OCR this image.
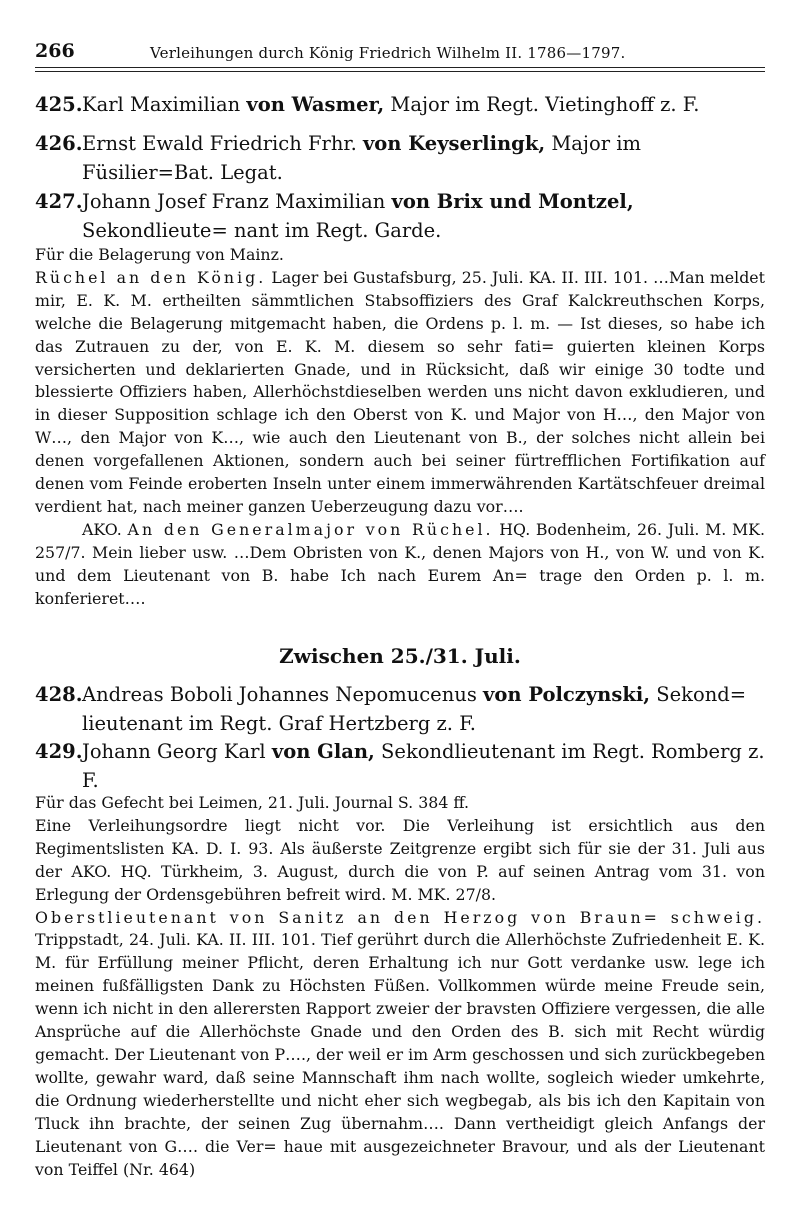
266	Verleihungen durch König Friedrich Wilhelm II. 1786—1797.
425. Karl Maximilian von Wasmer, Major im Regt. Vietinghoff z. F.
426. Ernst Ewald Friedrich Frhr. von Keyserlingk, Major im Füsilier=Bat. Legat.
427. Johann Josef Franz Maximilian von Brix und Montzel, Sekondlieute= nant im Regt. Garde.

Für die Belagerung von Mainz.

Rüchel an den König. Lager bei Gustafsburg, 25. Juli. KA. II. III. 101. …Man meldet mir, E. K. M. ertheilten sämmtlichen Stabsoffiziers des Graf Kalckreuthschen Korps, welche die Belagerung mitgemacht haben, die Ordens p. l. m. — Ist dieses, so habe ich das Zutrauen zu der, von E. K. M. diesem so sehr fati= guierten kleinen Korps versicherten und deklarierten Gnade, und in Rücksicht, daß wir einige 30 todte und blessierte Offiziers haben, Allerhöchstdieselben werden uns nicht davon exkludieren, und in dieser Supposition schlage ich den Oberst von K. und Major von H…, den Major von W…, den Major von K…, wie auch den Lieutenant von B., der solches nicht allein bei denen vorgefallenen Aktionen, sondern auch bei seiner fürtrefflichen Fortifikation auf denen vom Feinde eroberten Inseln unter einem immerwährenden Kartätschfeuer dreimal verdient hat, nach meiner ganzen Ueberzeugung dazu vor….

AKO. An den Generalmajor von Rüchel. HQ. Bodenheim, 26. Juli. M. MK. 257/7. Mein lieber usw. …Dem Obristen von K., denen Majors von H., von W. und von K. und dem Lieutenant von B. habe Ich nach Eurem An= trage den Orden p. l. m. konferieret….

Zwischen 25./31. Juli.
428. Andreas Boboli Johannes Nepomucenus von Polczynski, Sekond= lieutenant im Regt. Graf Hertzberg z. F.
429. Johann Georg Karl von Glan, Sekondlieutenant im Regt. Romberg z. F.

Für das Gefecht bei Leimen, 21. Juli. Journal S. 384 ff.

Eine Verleihungsordre liegt nicht vor. Die Verleihung ist ersichtlich aus den Regimentslisten KA. D. I. 93. Als äußerste Zeitgrenze ergibt sich für sie der 31. Juli aus der AKO. HQ. Türkheim, 3. August, durch die von P. auf seinen Antrag vom 31. von Erlegung der Ordensgebühren befreit wird. M. MK. 27/8.

Oberstlieutenant von Sanitz an den Herzog von Braun= schweig. Trippstadt, 24. Juli. KA. II. III. 101. Tief gerührt durch die Allerhöchste Zufriedenheit E. K. M. für Erfüllung meiner Pflicht, deren Erhaltung ich nur Gott verdanke usw. lege ich meinen fußfälligsten Dank zu Höchsten Füßen. Vollkommen würde meine Freude sein, wenn ich nicht in den allerersten Rapport zweier der bravsten Offiziere vergessen, die alle Ansprüche auf die Allerhöchste Gnade und den Orden des B. sich mit Recht würdig gemacht. Der Lieutenant von P…., der weil er im Arm geschossen und sich zurückbegeben wollte, gewahr ward, daß seine Mannschaft ihm nach wollte, sogleich wieder umkehrte, die Ordnung wiederherstellte und nicht eher sich wegbegab, als bis ich den Kapitain von Tluck ihn brachte, der seinen Zug übernahm…. Dann vertheidigt gleich Anfangs der Lieutenant von G…. die Ver= haue mit ausgezeichneter Bravour, und als der Lieutenant von Teiffel (Nr. 464)
